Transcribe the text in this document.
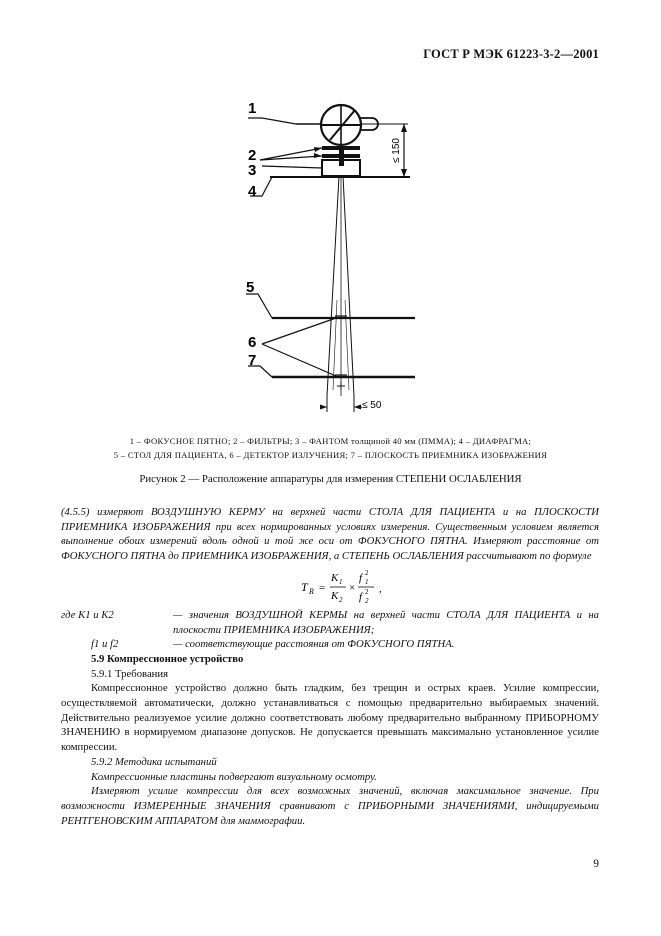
ГОСТ Р МЭК 61223-3-2—2001
≤ 150
≤ 50
1
2
3
4
5
6
7
1 – ФОКУСНОЕ ПЯТНО; 2 – ФИЛЬТРЫ; 3 – ФАНТОМ толщиной 40 мм (ПММА); 4 – ДИАФРАГМА;
5 – СТОЛ ДЛЯ ПАЦИЕНТА, 6 – ДЕТЕКТОР ИЗЛУЧЕНИЯ; 7 – ПЛОСКОСТЬ ПРИЕМНИКА ИЗОБРАЖЕНИЯ
Рисунок 2 — Расположение аппаратуры для измерения СТЕПЕНИ ОСЛАБЛЕНИЯ

(4.5.5) измеряют ВОЗДУШНУЮ КЕРМУ на верхней части СТОЛА ДЛЯ ПАЦИЕНТА и на ПЛОСКОСТИ ПРИЕМНИКА ИЗОБРАЖЕНИЯ при всех нормированных условиях измерения. Существенным условием является выполнение обоих измерений вдоль одной и той же оси от ФОКУСНОГО ПЯТНА. Измеряют расстояние от ФОКУСНОГО ПЯТНА до ПРИЕМНИКА ИЗОБРАЖЕНИЯ, а СТЕПЕНЬ ОСЛАБЛЕНИЯ рассчитывают по формуле

T R =
K 1
K 2
×
f 2
1
f 2
2
,
где K1 и K2	— значения ВОЗДУШНОЙ КЕРМЫ на верхней части СТОЛА ДЛЯ ПАЦИЕНТА и на плоскости ПРИЕМНИКА ИЗОБРАЖЕНИЯ;
f1 и f2	— соответствующие расстояния от ФОКУСНОГО ПЯТНА.

5.9 Компрессионное устройство

5.9.1 Требования

Компрессионное устройство должно быть гладким, без трещин и острых краев. Усилие компрессии, осуществляемой автоматически, должно устанавливаться с помощью предварительно выбираемых значений. Действительно реализуемое усилие должно соответствовать любому предварительно выбранному ПРИБОРНОМУ ЗНАЧЕНИЮ в нормируемом диапазоне допусков. Не допускается превышать максимально установленное усилие компрессии.

5.9.2 Методика испытаний

Компрессионные пластины подвергают визуальному осмотру.

Измеряют усилие компрессии для всех возможных значений, включая максимальное значение. При возможности ИЗМЕРЕННЫЕ ЗНАЧЕНИЯ сравнивают с ПРИБОРНЫМИ ЗНАЧЕНИЯМИ, индицируемыми РЕНТГЕНОВСКИМ АППАРАТОМ для маммографии.

9
